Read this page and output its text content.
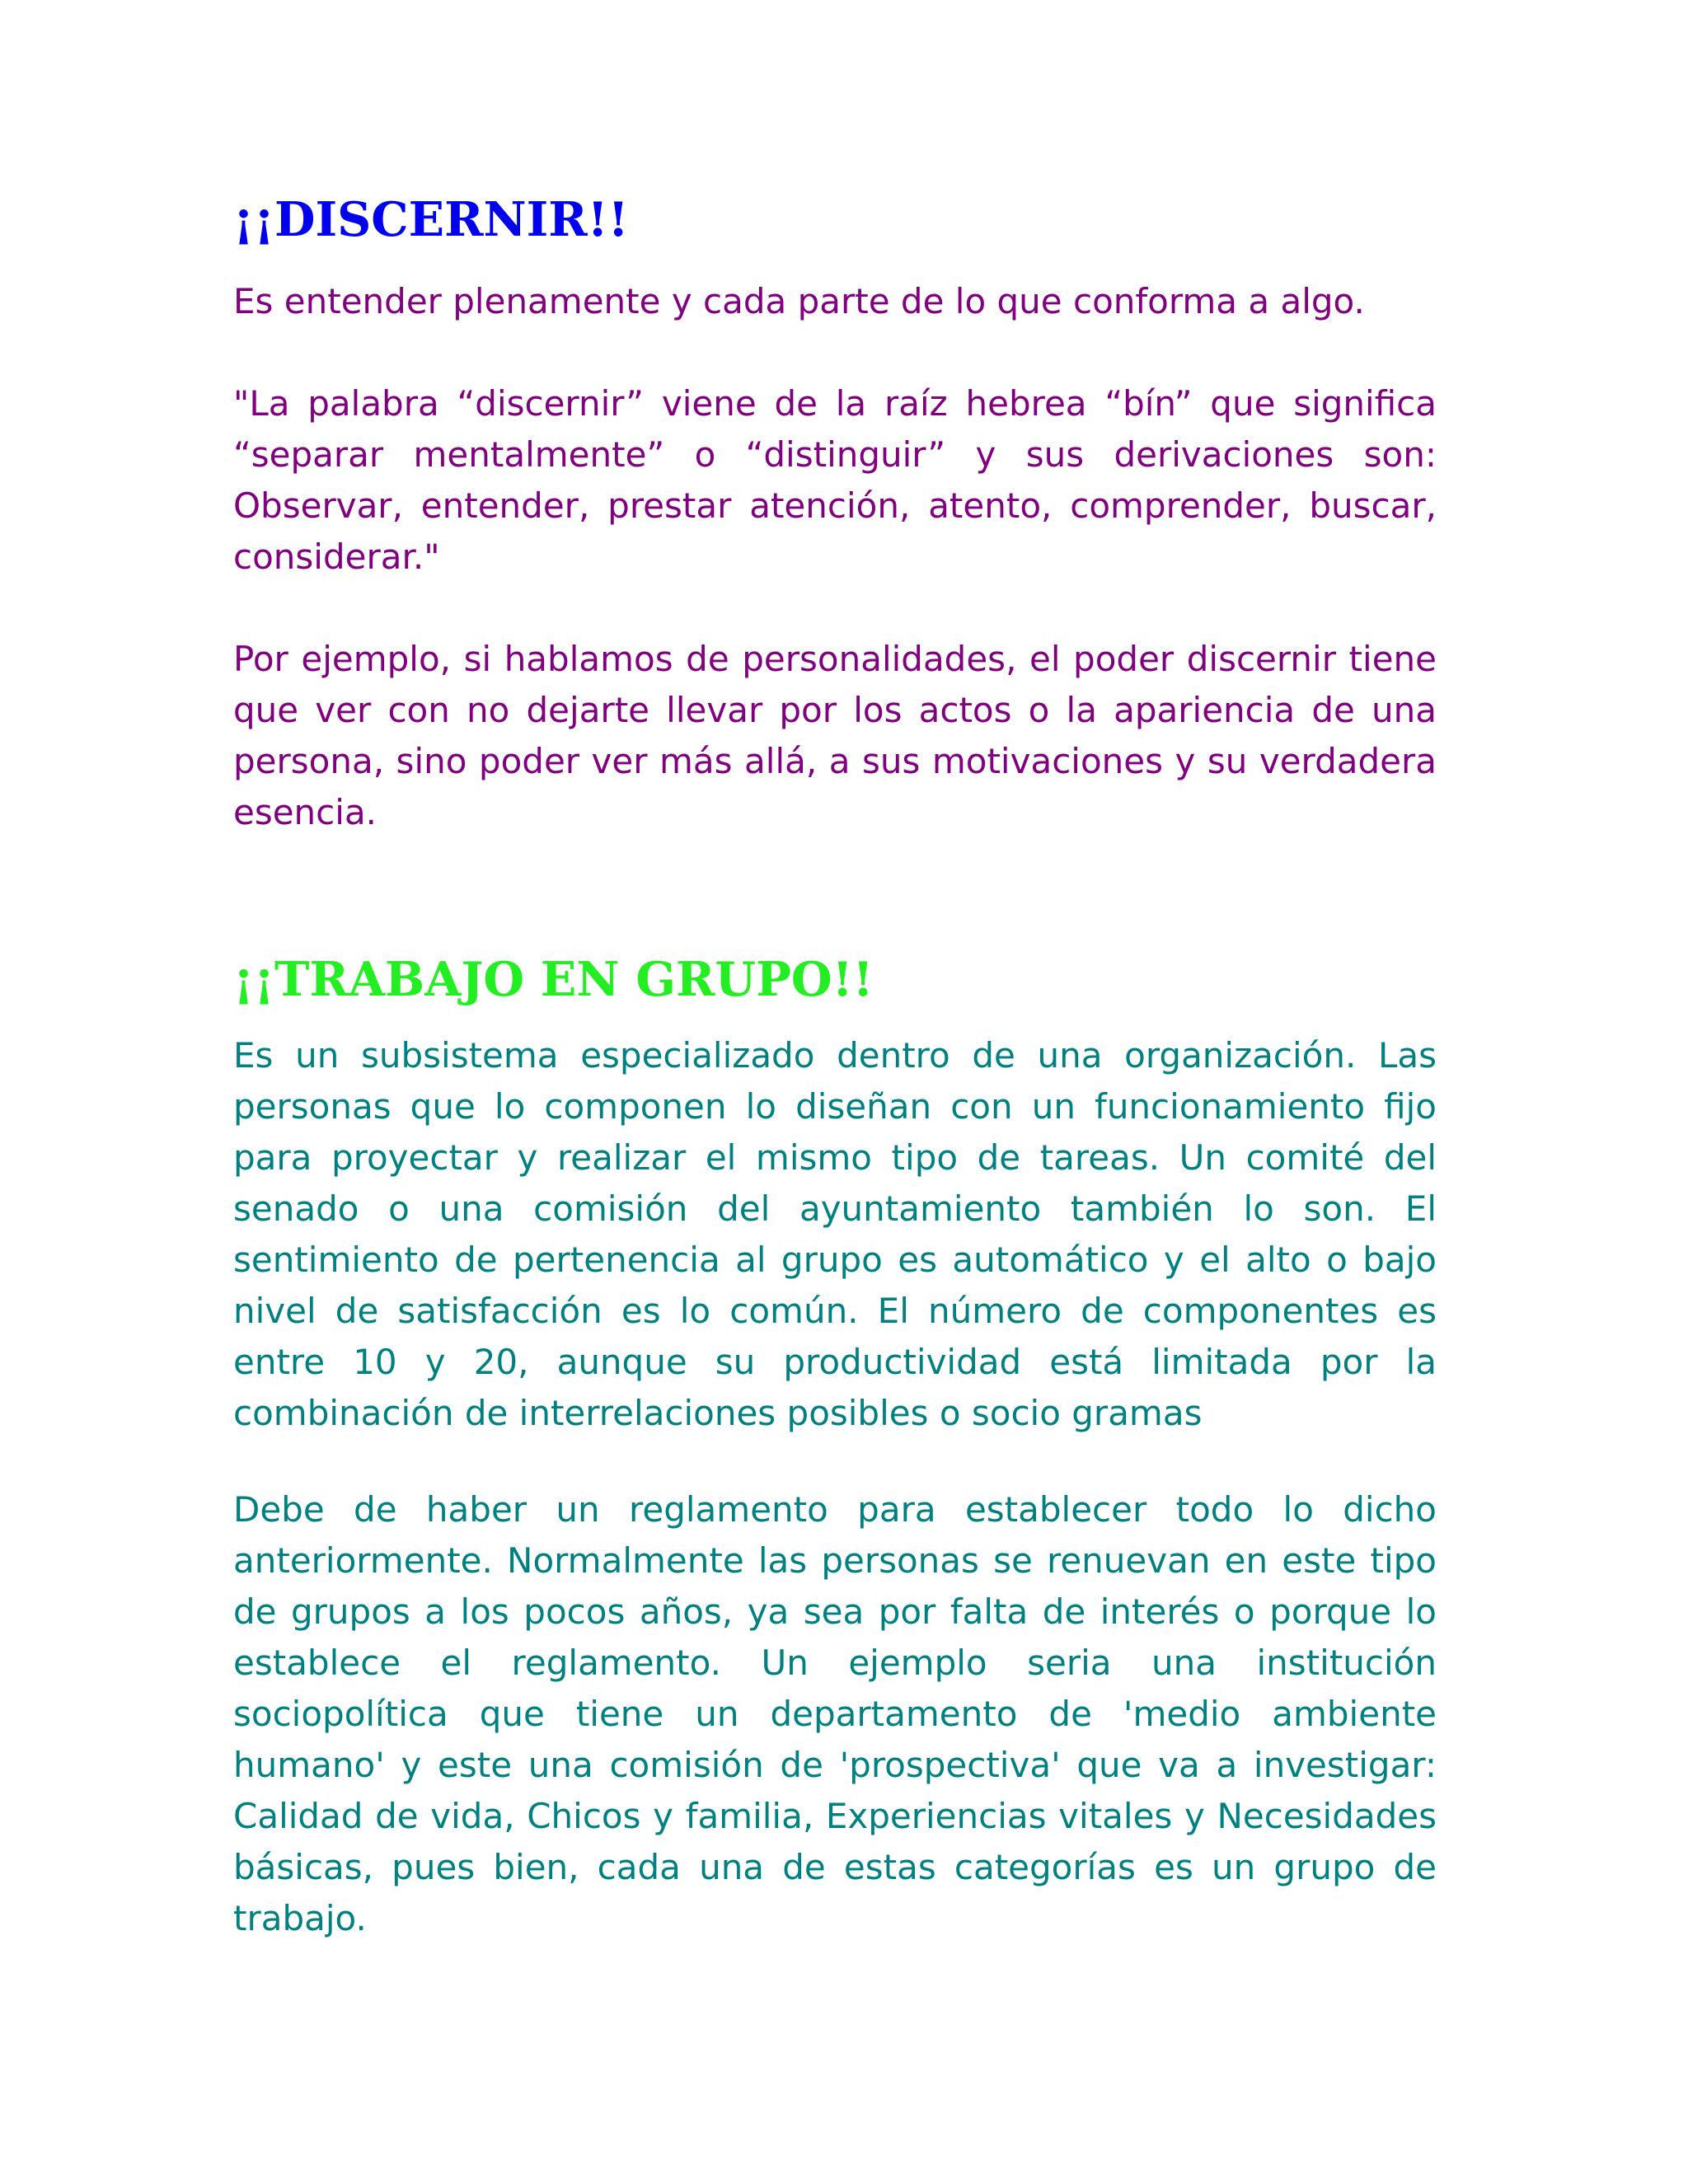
¡¡DISCERNIR!!

Es entender plenamente y cada parte de lo que conforma a algo.

"La palabra “discernir” viene de la raíz hebrea “bín” que significa “separar mentalmente” o “distinguir” y sus derivaciones son: Observar, entender, prestar atención, atento, comprender, buscar, considerar."

Por ejemplo, si hablamos de personalidades, el poder discernir tiene que ver con no dejarte llevar por los actos o la apariencia de una persona, sino poder ver más allá, a sus motivaciones y su verdadera esencia.

¡¡TRABAJO EN GRUPO!!

Es un subsistema especializado dentro de una organización. Las personas que lo componen lo diseñan con un funcionamiento fijo para proyectar y realizar el mismo tipo de tareas. Un comité del senado o una comisión del ayuntamiento también lo son. El sentimiento de pertenencia al grupo es automático y el alto o bajo nivel de satisfacción es lo común. El número de componentes es entre 10 y 20, aunque su productividad está limitada por la combinación de interrelaciones posibles o socio gramas

Debe de haber un reglamento para establecer todo lo dicho anteriormente. Normalmente las personas se renuevan en este tipo de grupos a los pocos años, ya sea por falta de interés o porque lo establece el reglamento. Un ejemplo seria una institución sociopolítica que tiene un departamento de 'medio ambiente humano' y este una comisión de 'prospectiva' que va a investigar: Calidad de vida, Chicos y familia, Experiencias vitales y Necesidades básicas, pues bien, cada una de estas categorías es un grupo de trabajo.
